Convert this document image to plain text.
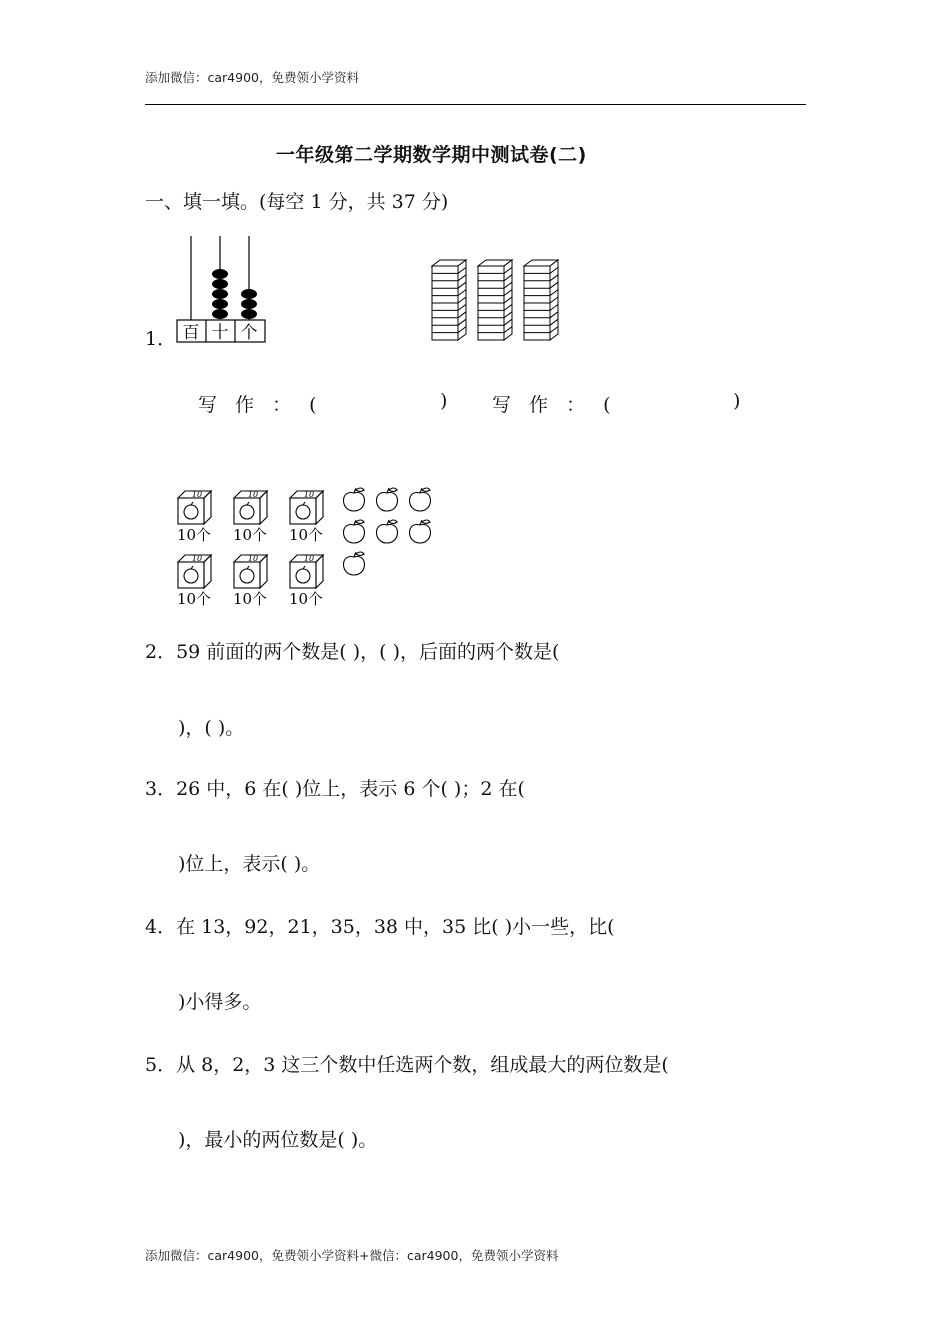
添加微信：car4900，免费领小学资料
一年级第二学期数学期中测试卷(二)
一、填一填。(每空 1 分，共 37 分)
1． 百 十 个
写 作 ： (	) 写 作 ： (	)
10
10个
10
10个
10
10个
10
10个
10
10个
10
10个
2．59 前面的两个数是( )，( )，后面的两个数是(
)，( )。
3．26 中，6 在( )位上，表示 6 个( )；2 在(
)位上，表示( )。
4．在 13，92，21，35，38 中，35 比( )小一些，比(
)小得多。
5．从 8，2，3 这三个数中任选两个数，组成最大的两位数是(
)，最小的两位数是( )。
添加微信：car4900，免费领小学资料+微信：car4900，免费领小学资料
